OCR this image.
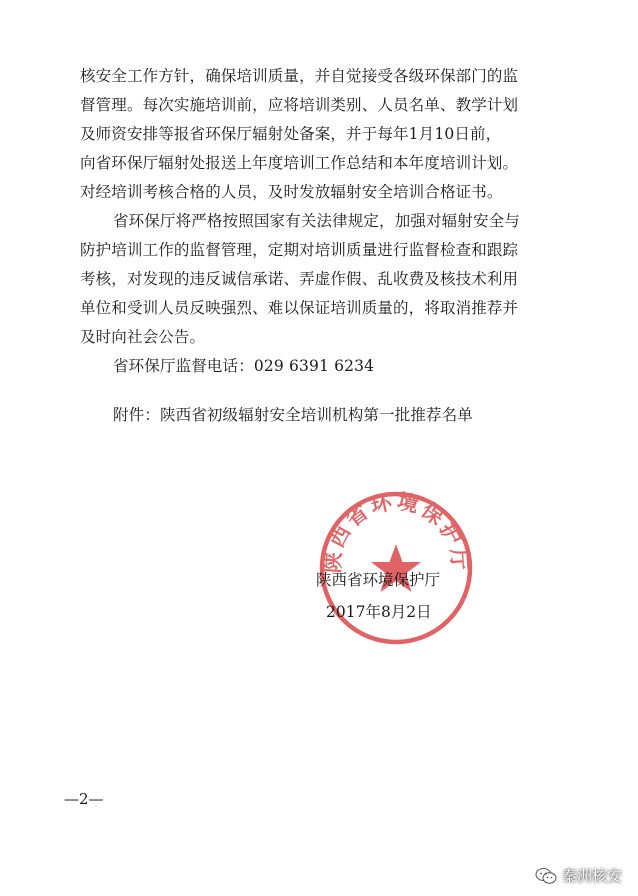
核安全工作方针，确保培训质量，并自觉接受各级环保部门的监
督管理。每次实施培训前，应将培训类别、人员名单、教学计划
及师资安排等报省环保厅辐射处备案，并于每年1月10日前，
向省环保厅辐射处报送上年度培训工作总结和本年度培训计划。
对经培训考核合格的人员，及时发放辐射安全培训合格证书。
省环保厅将严格按照国家有关法律规定，加强对辐射安全与
防护培训工作的监督管理，定期对培训质量进行监督检查和跟踪
考核，对发现的违反诚信承诺、弄虚作假、乱收费及核技术利用
单位和受训人员反映强烈、难以保证培训质量的，将取消推荐并
及时向社会公告。
省环保厅监督电话：029 6391 6234
附件：陕西省初级辐射安全培训机构第一批推荐名单
陕西省环境保护厅
陕西省环境保护厅
2017年8月2日
—2—
秦洲核安
